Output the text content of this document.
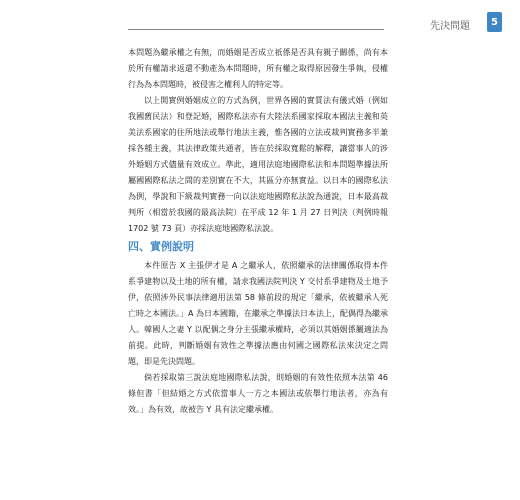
先決問題	5

本問題為繼承權之有無，而婚姻是否成立祇係是否具有親子關係，尚有本於所有權請求返還不動產為本問題時，所有權之取得原因發生爭執，侵權行為為本問題時，被侵害之權利人的特定等。

以上開實例婚姻成立的方式為例，世界各國的實質法有儀式婚（例如我國舊民法）和登記婚，國際私法亦有大陸法系國家採取本國法主義和英美法系國家的住所地法或舉行地法主義，惟各國的立法或裁判實務多半兼採各種主義，其法律政策共通者，皆在於採取寬鬆的解釋，讓當事人的涉外婚姻方式儘量有效成立。準此，適用法庭地國際私法和本問題準據法所屬國國際私法之間的差別實在不大，其區分亦無實益。以日本的國際私法為例，學說和下級裁判實務一向以法庭地國際私法說為通說，日本最高裁判所（相當於我國的最高法院）在平成 12 年 1 月 27 日判決（判例時報 1702 號 73 頁）亦採法庭地國際私法說。

四、實例說明

本件原告 X 主張伊才是 A 之繼承人，依照繼承的法律關係取得本件系爭建物以及土地的所有權，請求我國法院判決 Y 交付系爭建物及土地予伊，依照涉外民事法律適用法第 58 條前段的規定「繼承，依被繼承人死亡時之本國法。」A 為日本國籍，在繼承之準據法日本法上，配偶得為繼承人。韓國人之妻 Y 以配偶之身分主張繼承權時，必須以其婚姻係屬適法為前提。此時，判斷婚姻有效性之準據法應由何國之國際私法來決定之問題，即是先決問題。

倘若採取第三說法庭地國際私法說，則婚姻的有效性依照本法第 46 條但書「但結婚之方式依當事人一方之本國法或依舉行地法者，亦為有效。」為有效，故被告 Y 具有法定繼承權。
